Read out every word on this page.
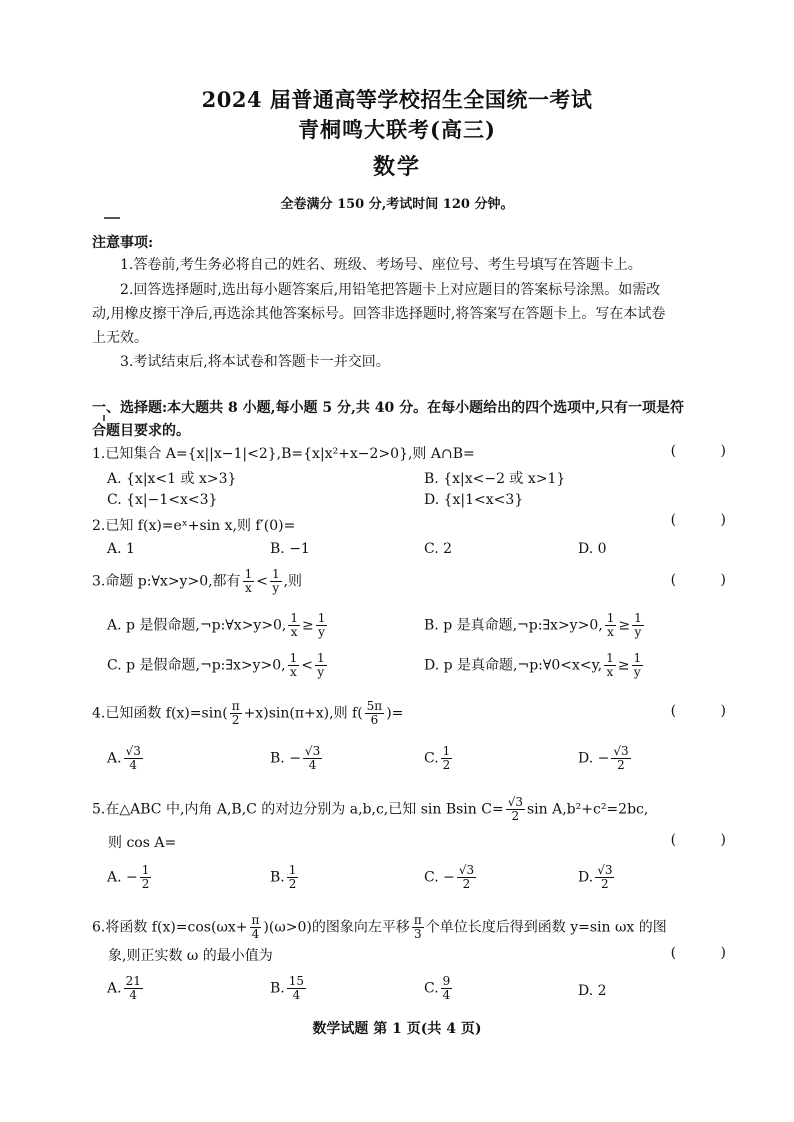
2024 届普通高等学校招生全国统一考试
青桐鸣大联考(高三)
数学
全卷满分 150 分,考试时间 120 分钟。
注意事项:
1.答卷前,考生务必将自己的姓名、班级、考场号、座位号、考生号填写在答题卡上。
2.回答选择题时,选出每小题答案后,用铅笔把答题卡上对应题目的答案标号涂黑。如需改
动,用橡皮擦干净后,再选涂其他答案标号。回答非选择题时,将答案写在答题卡上。写在本试卷
上无效。
3.考试结束后,将本试卷和答题卡一并交回。
一、选择题:本大题共 8 小题,每小题 5 分,共 40 分。在每小题给出的四个选项中,只有一项是符
合题目要求的。
1.已知集合 A={x||x−1|<2},B={x|x²+x−2>0},则 A∩B=	( )
A. {x|x<1 或 x>3}	B. {x|x<−2 或 x>1}
C. {x|−1<x<3}	D. {x|1<x<3}
2.已知 f(x)=eˣ+sin x,则 f′(0)=	( )
A. 1	B. −1	C. 2	D. 0
3.命题 p:∀x>y>0,都有 $\frac{1}{x} < \frac{1}{y}$ ,则	( )
A. p 是假命题,¬p:∀x>y>0, $\frac{1}{x} \ge \frac{1}{y}$	B. p 是真命题,¬p:∃x>y>0, $\frac{1}{x} \ge \frac{1}{y}$
C. p 是假命题,¬p:∃x>y>0, $\frac{1}{x} < \frac{1}{y}$	D. p 是真命题,¬p:∀0<x<y, $\frac{1}{x} \ge \frac{1}{y}$
4.已知函数 $f(x)=\sin( \frac{\pi}{2} +x)\sin(\pi+x)$,则 $f( \frac{5\pi}{6}$ )=	( )
A. $\frac{√3}{4}$	B. − $\frac{√3}{4}$	C. $\frac{1}{2}$	D. − $\frac{√3}{2}$
5.在△ABC 中,内角 A,B,C 的对边分别为 a,b,c,已知 sin Bsin $C= \frac{√3}{2}$ sin A,b²+c²=2bc,
则 cos A=	( )
A. − $\frac{1}{2}$	B. $\frac{1}{2}$	C. − $\frac{√3}{2}$	D. $\frac{√3}{2}$
6.将函数 $f(x)=\cos(\omega x+ \frac{\pi}{4} )(\omega>0)$的图象向左平移 $\frac{\pi}{3}$ 个单位长度后得到函数 y=sin ωx 的图
象,则正实数 ω 的最小值为	( )
A. $\frac{21}{4}$	B. $\frac{15}{4}$	C. $\frac{9}{4}$	D. 2
数学试题 第 1 页(共 4 页)
